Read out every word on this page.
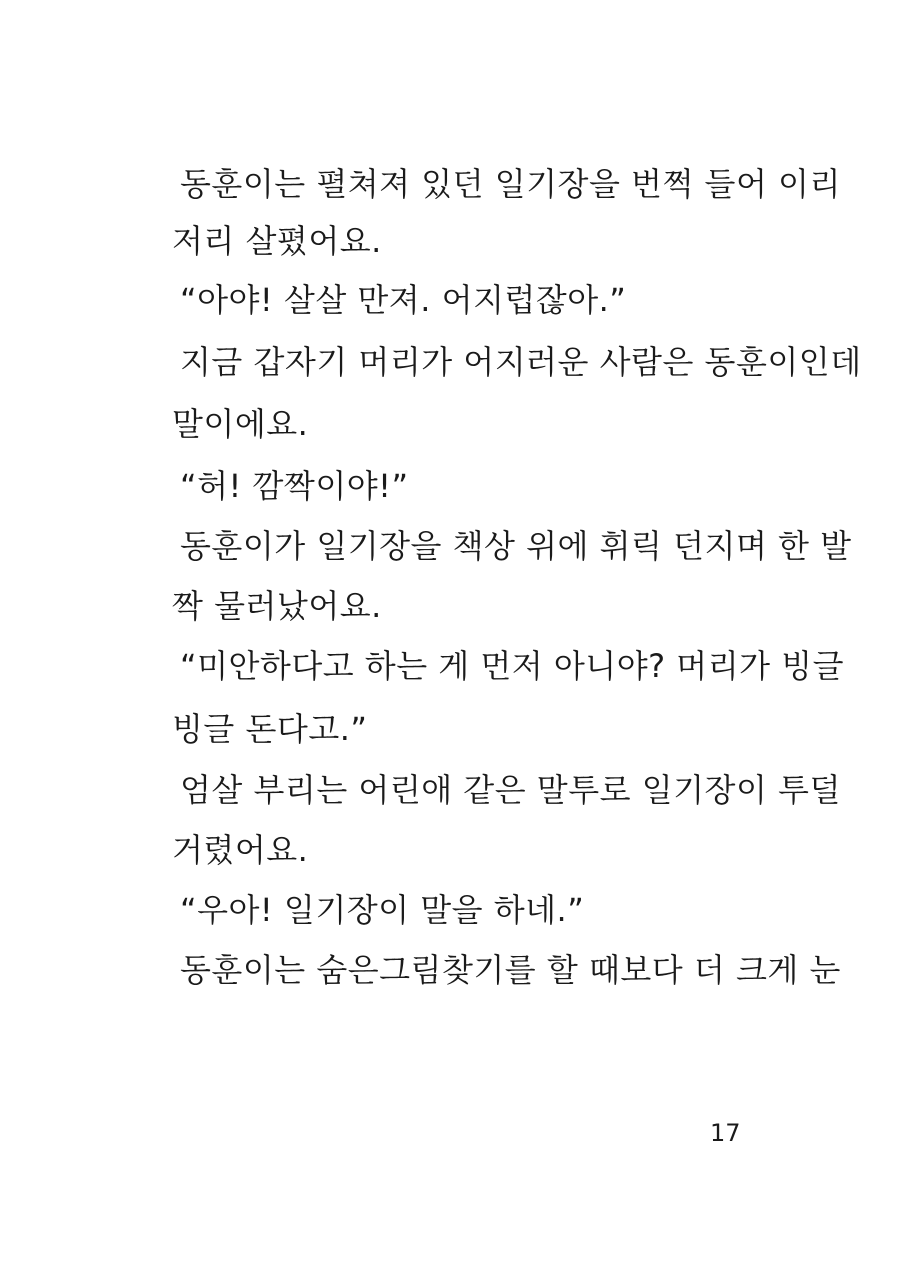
동훈이는 펼쳐져 있던 일기장을 번쩍 들어 이리
저리 살폈어요.
“아야! 살살 만져. 어지럽잖아.”
지금 갑자기 머리가 어지러운 사람은 동훈이인데
말이에요.
“허! 깜짝이야!”
동훈이가 일기장을 책상 위에 휘릭 던지며 한 발
짝 물러났어요.
“미안하다고 하는 게 먼저 아니야? 머리가 빙글
빙글 돈다고.”
엄살 부리는 어린애 같은 말투로 일기장이 투덜
거렸어요.
“우아! 일기장이 말을 하네.”
동훈이는 숨은그림찾기를 할 때보다 더 크게 눈
17
